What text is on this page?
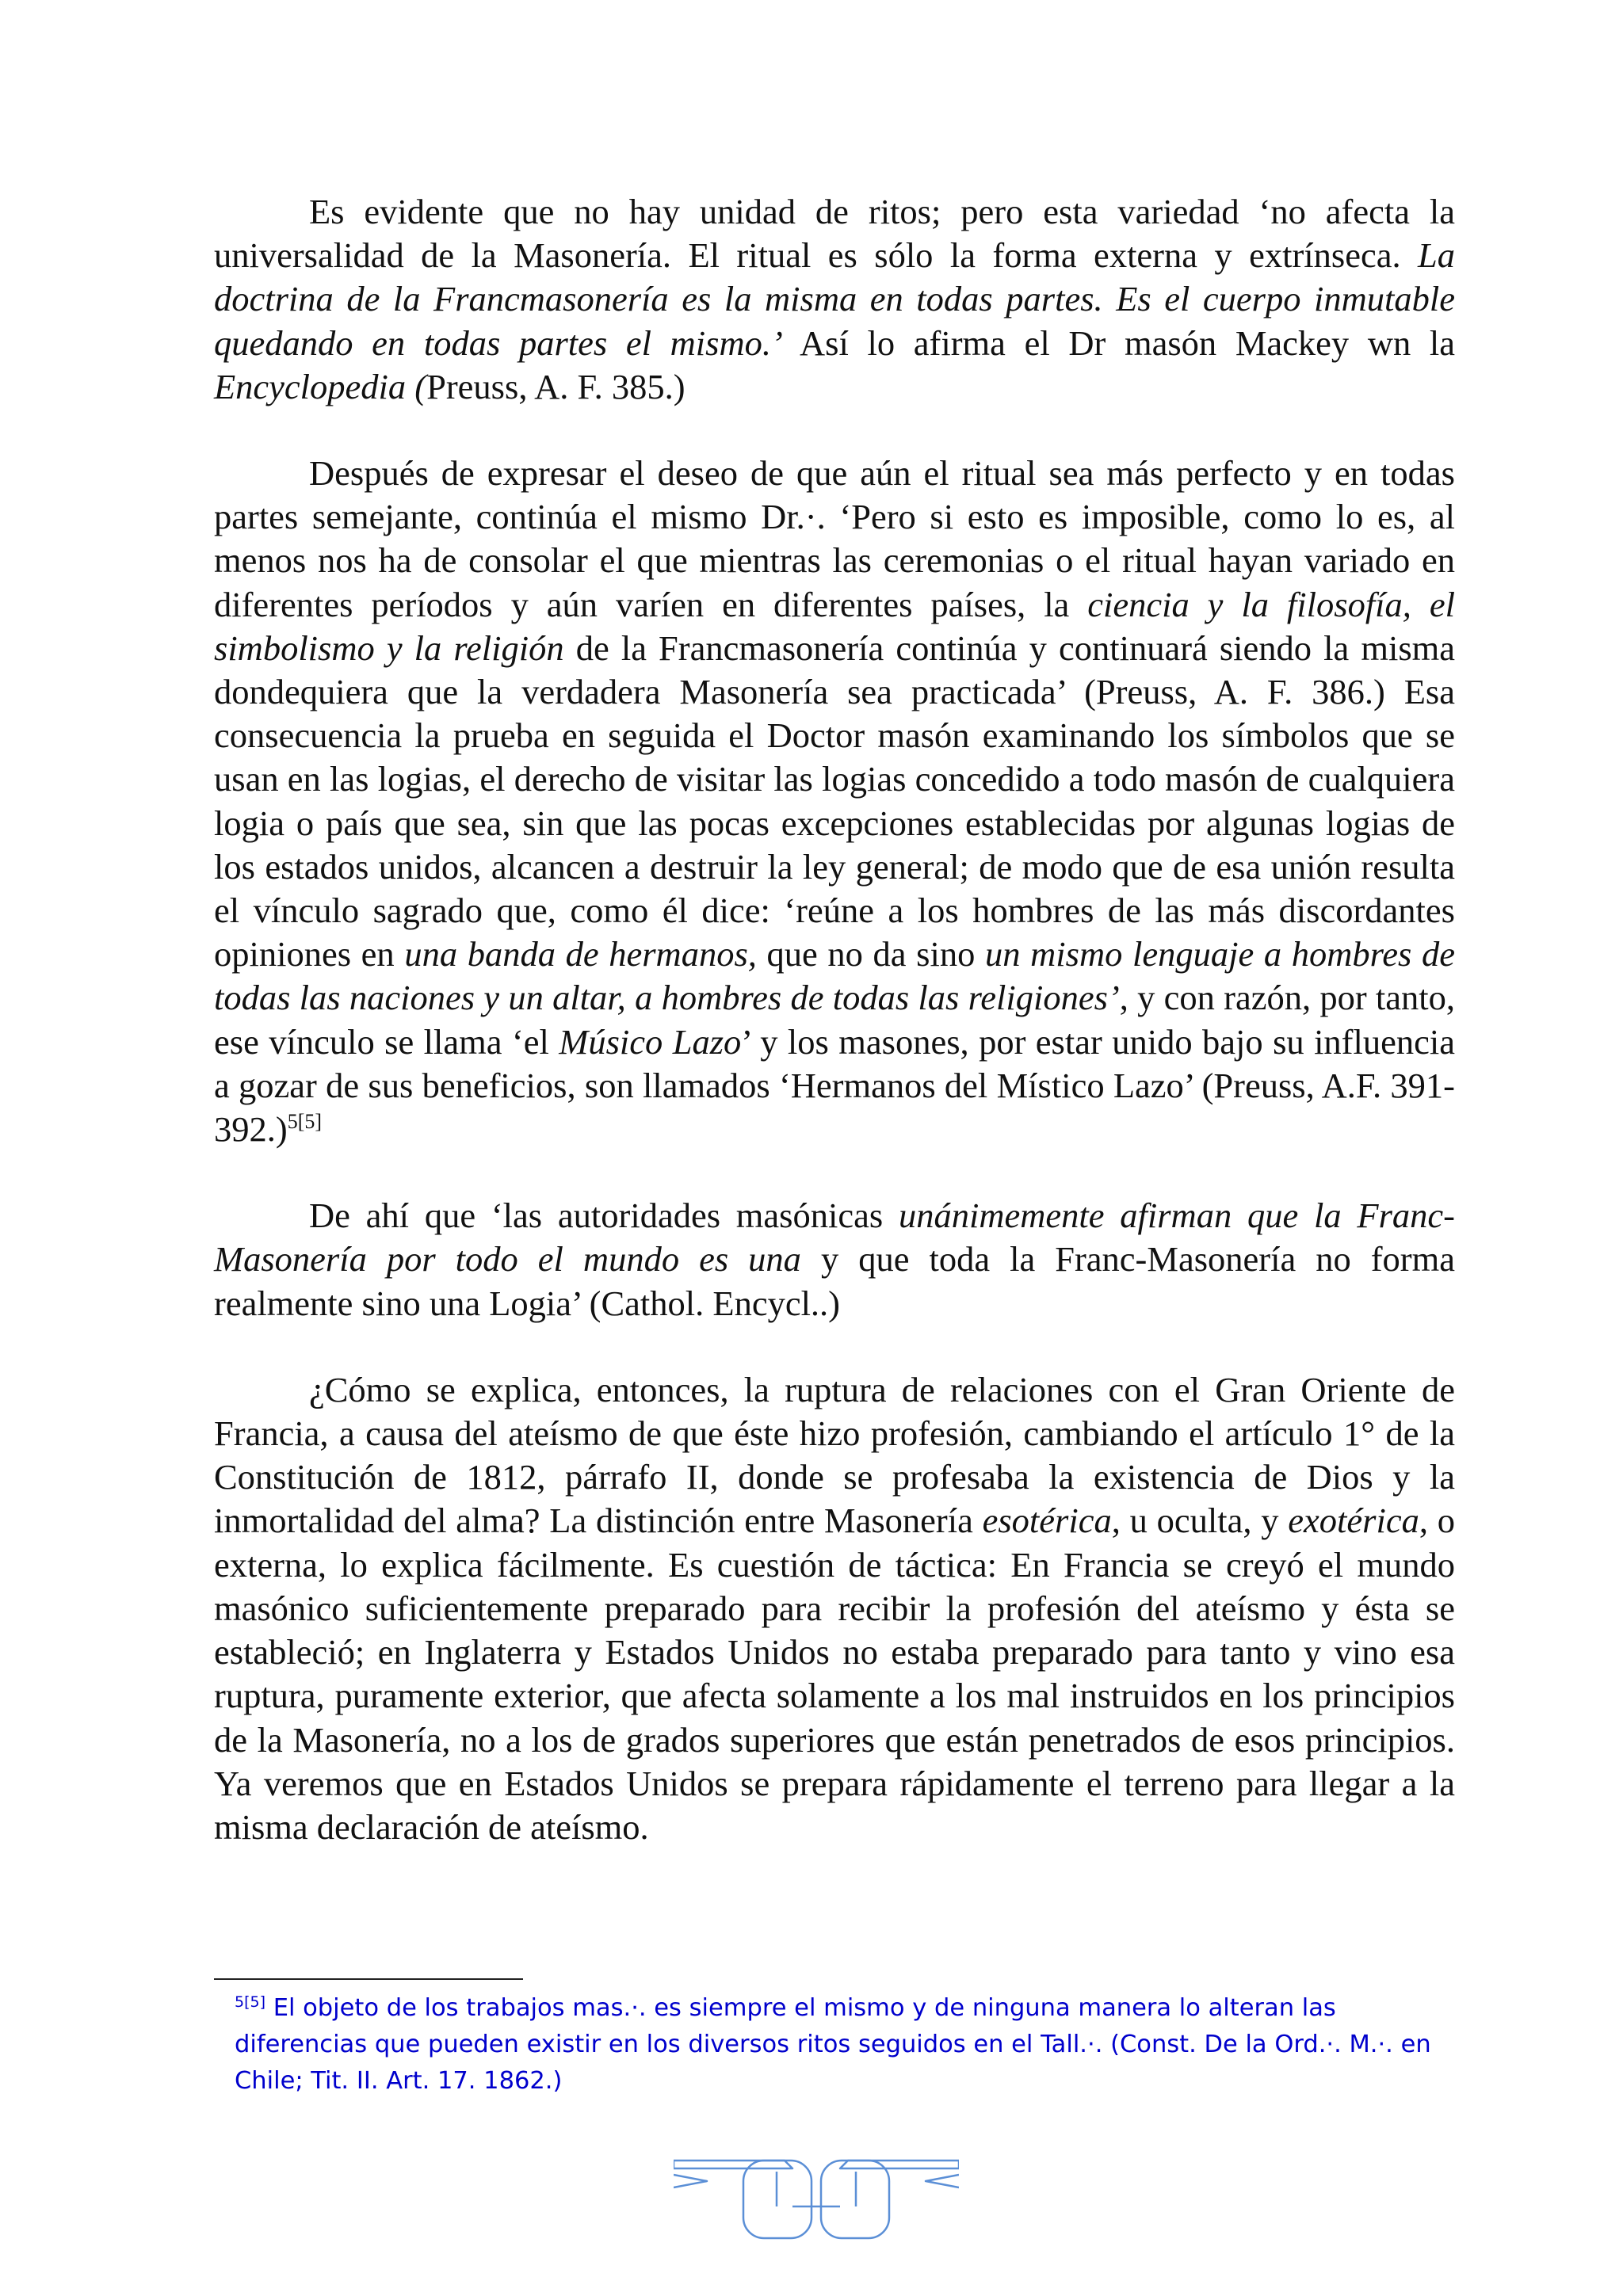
Es evidente que no hay unidad de ritos; pero esta variedad ‘no afecta la universalidad de la Masonería. El ritual es sólo la forma externa y extrínseca. La doctrina de la Francmasonería es la misma en todas partes. Es el cuerpo inmutable quedando en todas partes el mismo.’ Así lo afirma el Dr masón Mackey wn la Encyclopedia (Preuss, A. F. 385.)

Después de expresar el deseo de que aún el ritual sea más perfecto y en todas partes semejante, continúa el mismo Dr.·. ‘Pero si esto es imposible, como lo es, al menos nos ha de consolar el que mientras las ceremonias o el ritual hayan variado en diferentes períodos y aún varíen en diferentes países, la ciencia y la filosofía, el simbolismo y la religión de la Francmasonería continúa y continuará siendo la misma dondequiera que la verdadera Masonería sea practicada’ (Preuss, A. F. 386.) Esa consecuencia la prueba en seguida el Doctor masón examinando los símbolos que se usan en las logias, el derecho de visitar las logias concedido a todo masón de cualquiera logia o país que sea, sin que las pocas excepciones establecidas por algunas logias de los estados unidos, alcancen a destruir la ley general; de modo que de esa unión resulta el vínculo sagrado que, como él dice: ‘reúne a los hombres de las más discordantes opiniones en una banda de hermanos, que no da sino un mismo lenguaje a hombres de todas las naciones y un altar, a hombres de todas las religiones’, y con razón, por tanto, ese vínculo se llama ‘el Músico Lazo’ y los masones, por estar unido bajo su influencia a gozar de sus beneficios, son llamados ‘Hermanos del Místico Lazo’ (Preuss, A.F. 391-392.)$^{5[5]}$

De ahí que ‘las autoridades masónicas unánimemente afirman que la Franc-Masonería por todo el mundo es una y que toda la Franc-Masonería no forma realmente sino una Logia’ (Cathol. Encycl..)

¿Cómo se explica, entonces, la ruptura de relaciones con el Gran Oriente de Francia, a causa del ateísmo de que éste hizo profesión, cambiando el artículo 1° de la Constitución de 1812, párrafo II, donde se profesaba la existencia de Dios y la inmortalidad del alma? La distinción entre Masonería esotérica, u oculta, y exotérica, o externa, lo explica fácilmente. Es cuestión de táctica: En Francia se creyó el mundo masónico suficientemente preparado para recibir la profesión del ateísmo y ésta se estableció; en Inglaterra y Estados Unidos no estaba preparado para tanto y vino esa ruptura, puramente exterior, que afecta solamente a los mal instruidos en los principios de la Masonería, no a los de grados superiores que están penetrados de esos principios. Ya veremos que en Estados Unidos se prepara rápidamente el terreno para llegar a la misma declaración de ateísmo.

$^{5[5]}$ El objeto de los trabajos mas.·. es siempre el mismo y de ninguna manera lo alteran las diferencias que pueden existir en los diversos ritos seguidos en el Tall.·. (Const. De la Ord.·. M.·. en Chile; Tit. II. Art. 17. 1862.)
